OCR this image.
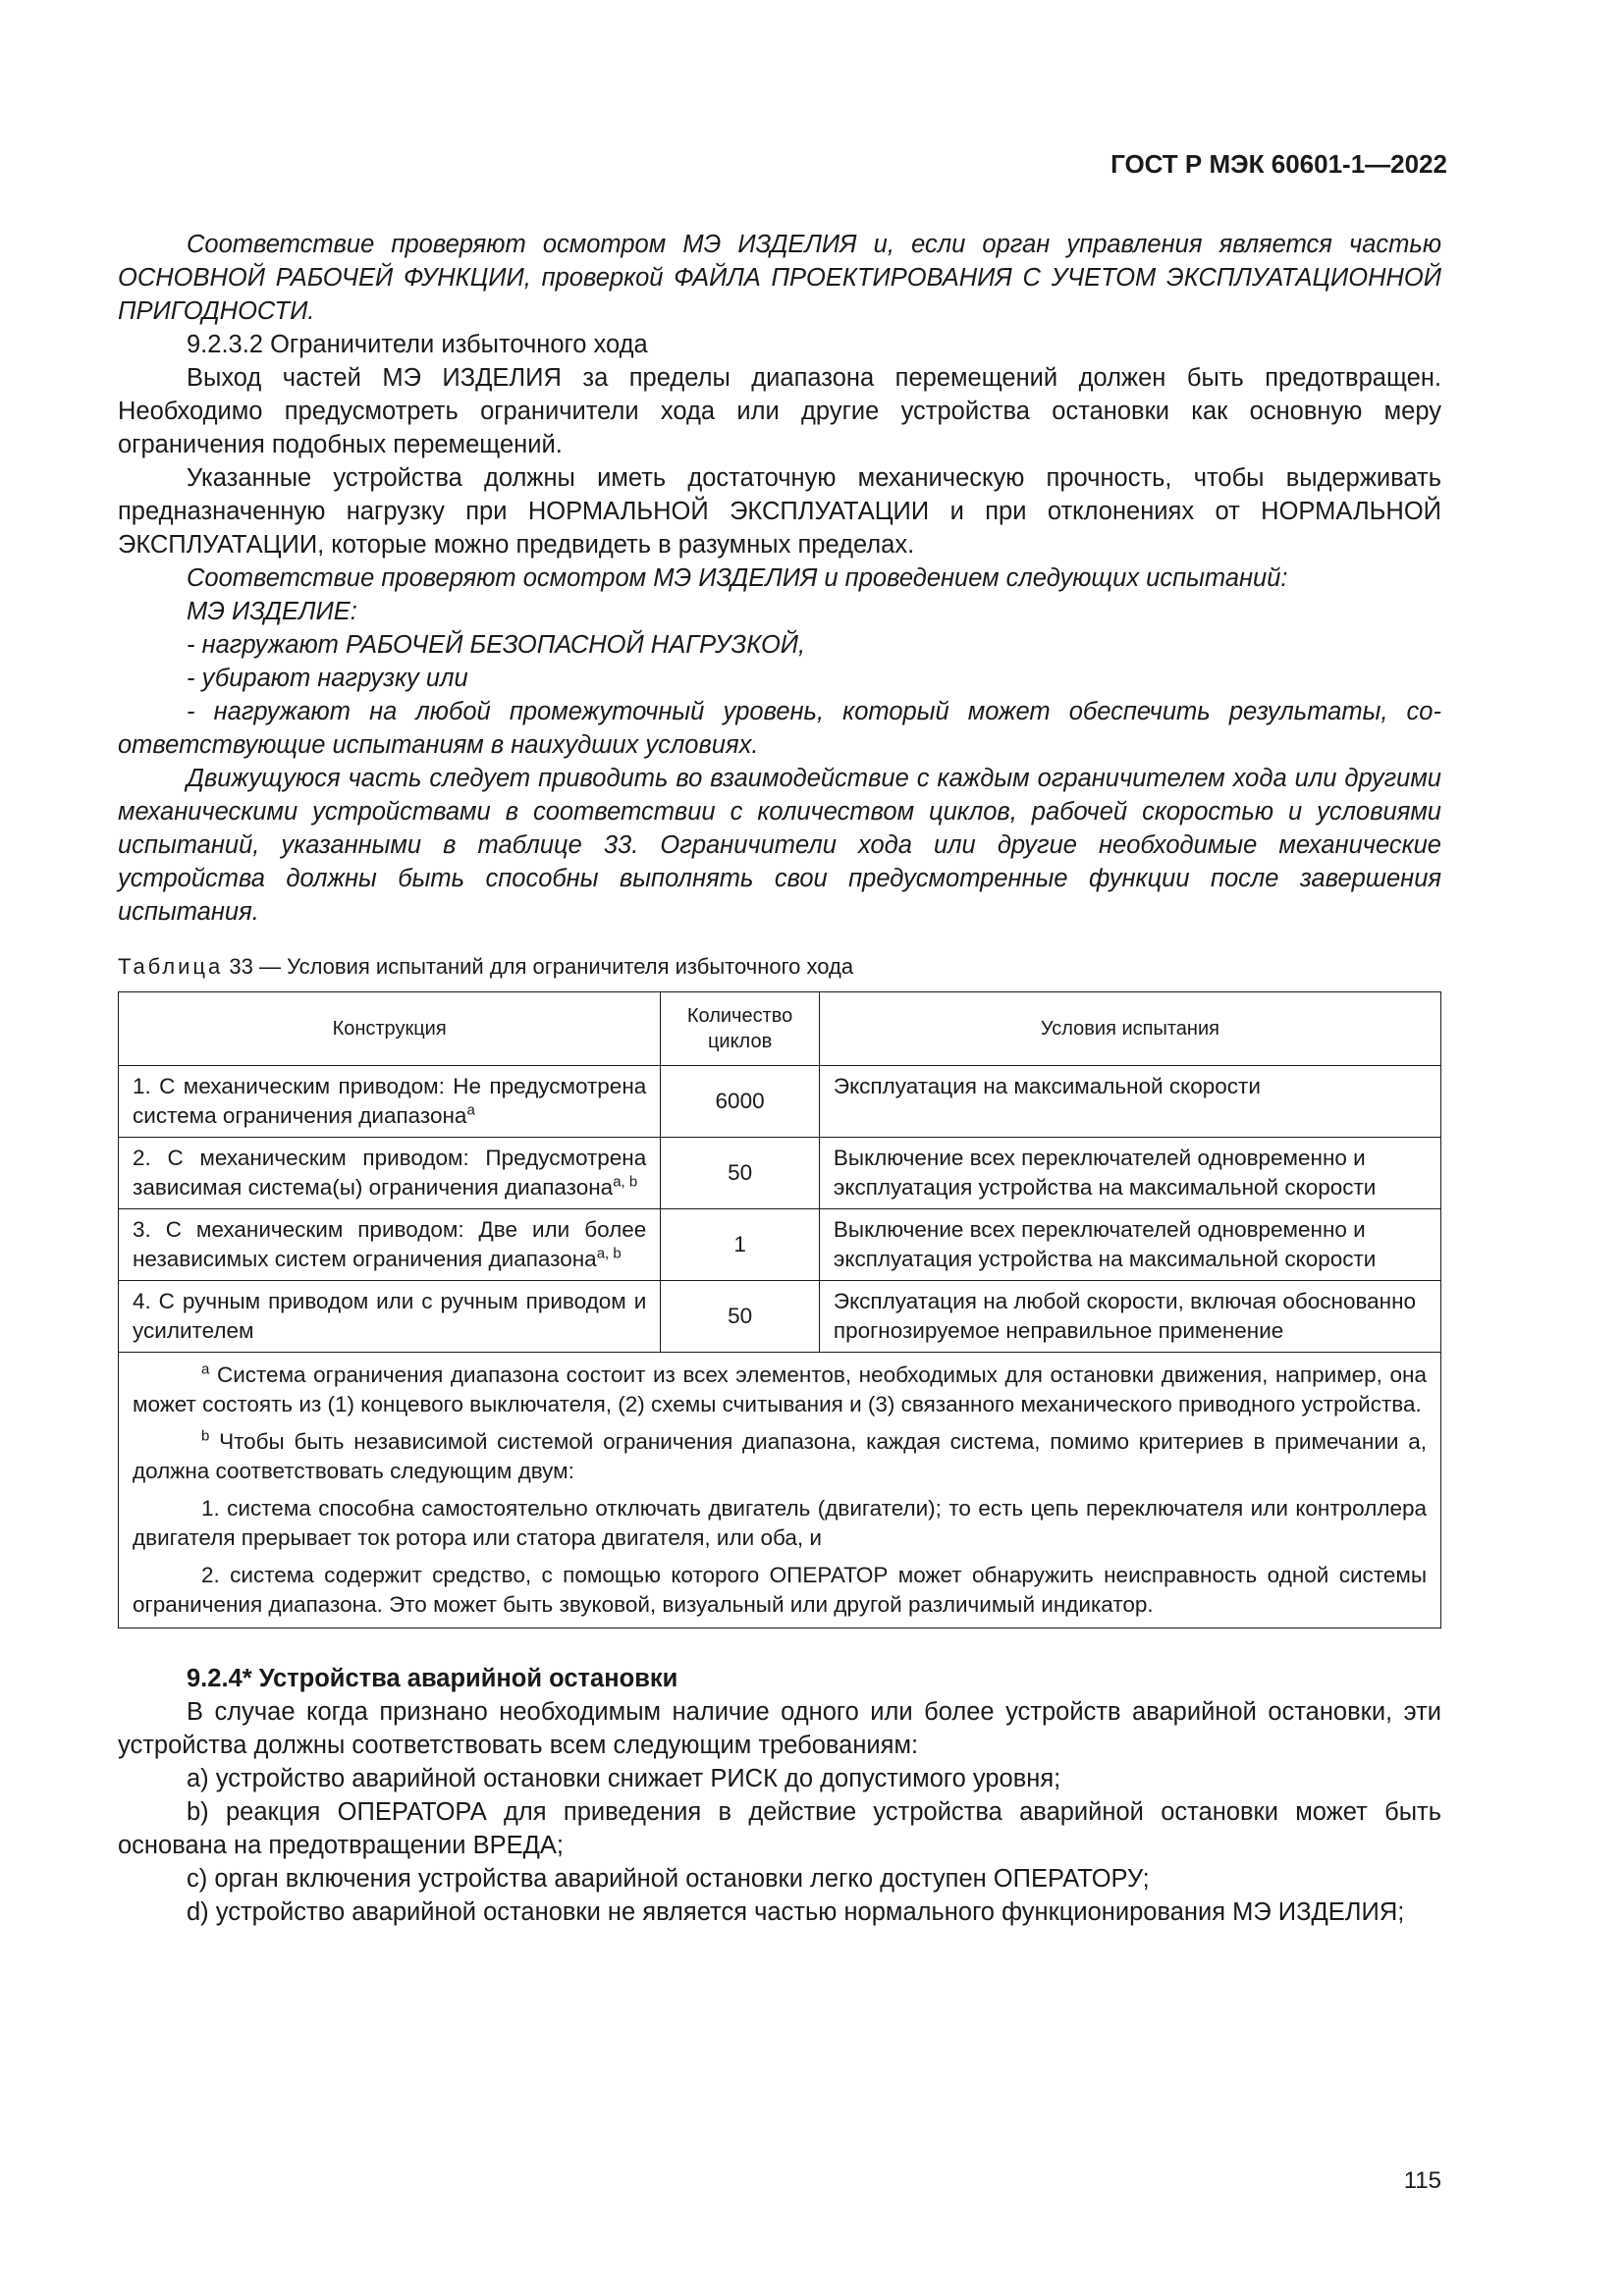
ГОСТ Р МЭК 60601-1—2022

Соответствие проверяют осмотром МЭ ИЗДЕЛИЯ и, если орган управления является частью ОСНОВНОЙ РАБОЧЕЙ ФУНКЦИИ, проверкой ФАЙЛА ПРОЕКТИРОВАНИЯ С УЧЕТОМ ЭКСПЛУАТАЦИОННОЙ ПРИГОДНОСТИ.

9.2.3.2 Ограничители избыточного хода

Выход частей МЭ ИЗДЕЛИЯ за пределы диапазона перемещений должен быть предотвращен. Необходимо предусмотреть ограничители хода или другие устройства остановки как основную меру ограничения подобных перемещений.

Указанные устройства должны иметь достаточную механическую прочность, чтобы выдерживать предназначенную нагрузку при НОРМАЛЬНОЙ ЭКСПЛУАТАЦИИ и при отклонениях от НОРМАЛЬНОЙ ЭКСПЛУАТАЦИИ, которые можно предвидеть в разумных пределах.

Соответствие проверяют осмотром МЭ ИЗДЕЛИЯ и проведением следующих испытаний:

МЭ ИЗДЕЛИЕ:

- нагружают РАБОЧЕЙ БЕЗОПАСНОЙ НАГРУЗКОЙ,

- убирают нагрузку или

- нагружают на любой промежуточный уровень, который может обеспечить результаты, соответствующие испытаниям в наихудших условиях.

Движущуюся часть следует приводить во взаимодействие с каждым ограничителем хода или другими механическими устройствами в соответствии с количеством циклов, рабочей скоростью и условиями испытаний, указанными в таблице 33. Ограничители хода или другие необходимые механические устройства должны быть способны выполнять свои предусмотренные функции после завершения испытания.

Таблица 33 — Условия испытаний для ограничителя избыточного хода

Конструкция	Количество циклов	Условия испытания
1. С механическим приводом: Не предусмотрена система ограничения диапазона$^a$	6000	Эксплуатация на максимальной скорости
2. С механическим приводом: Предусмотрена зависимая система(ы) ограничения диапазона$^{a, b}$	50	Выключение всех переключателей одновременно и эксплуатация устройства на максимальной скорости
3. С механическим приводом: Две или более независимых систем ограничения диапазона$^{a, b}$	1	Выключение всех переключателей одновременно и эксплуатация устройства на максимальной скорости
4. С ручным приводом или с ручным приводом и усилителем	50	Эксплуатация на любой скорости, включая обоснованно прогнозируемое неправильное применение

$^a$ Система ограничения диапазона состоит из всех элементов, необходимых для остановки движения, например, она может состоять из (1) концевого выключателя, (2) схемы считывания и (3) связанного механического приводного устройства.

$^b$ Чтобы быть независимой системой ограничения диапазона, каждая система, помимо критериев в примечании a, должна соответствовать следующим двум:

1. система способна самостоятельно отключать двигатель (двигатели); то есть цепь переключателя или контроллера двигателя прерывает ток ротора или статора двигателя, или оба, и

2. система содержит средство, с помощью которого ОПЕРАТОР может обнаружить неисправность одной системы ограничения диапазона. Это может быть звуковой, визуальный или другой различимый индикатор.		

9.2.4* Устройства аварийной остановки

В случае когда признано необходимым наличие одного или более устройств аварийной остановки, эти устройства должны соответствовать всем следующим требованиям:

a) устройство аварийной остановки снижает РИСК до допустимого уровня;

b) реакция ОПЕРАТОРА для приведения в действие устройства аварийной остановки может быть основана на предотвращении ВРЕДА;

c) орган включения устройства аварийной остановки легко доступен ОПЕРАТОРУ;

d) устройство аварийной остановки не является частью нормального функционирования МЭ ИЗДЕЛИЯ;

115
